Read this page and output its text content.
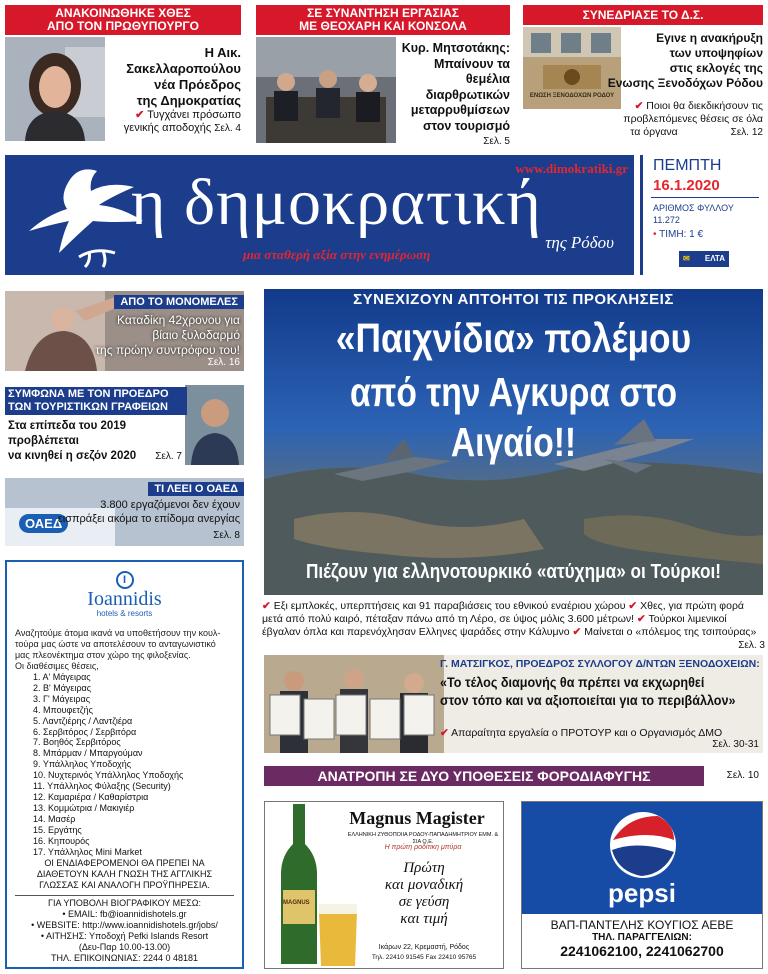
ΑΝΑΚΟΙΝΩΘΗΚΕ ΧΘΕΣ
ΑΠΟ ΤΟΝ ΠΡΩΘΥΠΟΥΡΓΟ
Η Αικ. Σακελλαροπούλου
νέα Πρόεδρος
της Δημοκρατίας
✔ Τυγχάνει πρόσωπο
γενικής αποδοχής Σελ. 4
ΣΕ ΣΥΝΑΝΤΗΣΗ ΕΡΓΑΣΙΑΣ
ΜΕ ΘΕΟΧΑΡΗ ΚΑΙ ΚΟΝΣΟΛΑ
Κυρ. Μητσοτάκης:
Μπαίνουν τα θεμέλια
διαρθρωτικών
μεταρρυθμίσεων
στον τουρισμό
Σελ. 5
ΣΥΝΕΔΡΙΑΣΕ ΤΟ Δ.Σ.
ΕΝΩΣΗ ΞΕΝΟΔΟΧΩΝ ΡΟΔΟΥ
Εγινε η ανακήρυξη
των υποψηφίων
στις εκλογές της
Ενωσης Ξενοδόχων Ρόδου
✔ Ποιοι θα διεκδικήσουν τις
προβλεπόμενες θέσεις σε όλα
τα όργανα	Σελ. 12
www.dimokratiki.gr
η δημοκρατική
της Ρόδου
μια σταθερή αξία στην ενημέρωση
ΠΕΜΠΤΗ
16.1.2020
ΑΡΙΘΜΟΣ ΦΥΛΛΟΥ
11.272
• ΤΙΜΗ: 1 €
✉ ΕΛΤΑ
ΑΠΟ ΤΟ ΜΟΝΟΜΕΛΕΣ
Καταδίκη 42χρονου για
βίαιο ξυλοδαρμό
της πρώην συντρόφου του!
Σελ. 16
ΣΥΜΦΩΝΑ ΜΕ ΤΟΝ ΠΡΟΕΔΡΟ
ΤΩΝ ΤΟΥΡΙΣΤΙΚΩΝ ΓΡΑΦΕΙΩΝ
Στα επίπεδα του 2019 προβλέπεται
να κινηθεί η σεζόν 2020	Σελ. 7
ΟΑΕΔ
ΤΙ ΛΕΕΙ Ο ΟΑΕΔ
3.800 εργαζόμενοι δεν έχουν
εισπράξει ακόμα το επίδομα ανεργίας
Σελ. 8
ΣΥΝΕΧΙΖΟΥΝ ΑΠΤΟΗΤΟΙ ΤΙΣ ΠΡΟΚΛΗΣΕΙΣ
«Παιχνίδια» πολέμου
από την Αγκυρα στο Αιγαίο!!
Πιέζουν για ελληνοτουρκικό «ατύχημα» οι Τούρκοι!
✔ Εξι εμπλοκές, υπερπτήσεις και 91 παραβιάσεις του εθνικού εναέριου χώρου ✔ Χθες, για πρώτη φορά μετά από πολύ καιρό, πέταξαν πάνω από τη Λέρο, σε ύψος μόλις 3.600 μέτρων! ✔ Τούρκοι λιμενικοί έβγαλαν όπλα και παρενόχλησαν Ελληνες ψαράδες στην Κάλυμνο ✔ Μαίνεται ο «πόλεμος της τσιπούρας»
Σελ. 3
Γ. ΜΑΤΣΙΓΚΟΣ, ΠΡΟΕΔΡΟΣ ΣΥΛΛΟΓΟΥ Δ/ΝΤΩΝ ΞΕΝΟΔΟΧΕΙΩΝ:
«Το τέλος διαμονής θα πρέπει να εκχωρηθεί
στον τόπο και να αξιοποιείται για το περιβάλλον»
✔ Απαραίτητα εργαλεία ο ΠΡΟΤΟΥΡ και ο Οργανισμός ΔΜΟ
Σελ. 30-31
ΑΝΑΤΡΟΠΗ ΣΕ ΔΥΟ ΥΠΟΘΕΣΕΙΣ ΦΟΡΟΔΙΑΦΥΓΗΣ	Σελ. 10
I
Ioannidis
hotels & resorts
Αναζητούμε άτομα ικανά να υποθετήσουν την κουλ-
τούρα μας ώστε να αποτελέσουν το ανταγωνιστικό
μας πλεονέκτημα στον χώρο της φιλοξενίας.
Οι διαθέσιμες θέσεις,
1. Α' Μάγειρας
2. Β' Μάγειρας
3. Γ' Μάγειρας
4. Μπουφετζής
5. Λαντζιέρης / Λαντζιέρα
6. Σερβιτόρος / Σερβιτόρα
7. Βοηθός Σερβιτόρος
8. Μπάρμαν / Μπαργούμαν
9. Υπάλληλος Υποδοχής
10. Νυχτερινός Υπάλληλος Υποδοχής
11. Υπάλληλος Φύλαξης (Security)
12. Καμαριέρα / Καθαρίστρια
13. Κομμώτρια / Μακιγιέρ
14. Μασέρ
15. Εργάτης
16. Κηπουρός
17. Υπάλληλος Mini Market
ΟΙ ΕΝΔΙΑΦΕΡΟΜΕΝΟΙ ΘΑ ΠΡΕΠΕΙ ΝΑ
ΔΙΑΘΕΤΟΥΝ ΚΑΛΗ ΓΝΩΣΗ ΤΗΣ ΑΓΓΛΙΚΗΣ
ΓΛΩΣΣΑΣ ΚΑΙ ΑΝΑΛΟΓΗ ΠΡΟΫΠΗΡΕΣΙΑ.
ΓΙΑ ΥΠΟΒΟΛΗ ΒΙΟΓΡΑΦΙΚΟΥ ΜΕΣΩ:
• EMAIL: fb@ioannidishotels.gr
• WEBSITE: http://www.ioannidishotels.gr/jobs/
• ΑΙΤΗΣΗΣ: Υποδοχή Pefki Islands Resort
(Δευ-Παρ 10.00-13.00)
ΤΗΛ. ΕΠΙΚΟΙΝΩΝΙΑΣ: 2244 0 48181
MAGNUS
Magnus Magister
ΕΛΛΗΝΙΚΗ ΖΥΘΟΠΟΙΙΑ ΡΟΔΟΥ-ΠΑΠΑΔΗΜΗΤΡΙΟΥ ΕΜΜ. & ΣΙΑ Ο.Ε.
Η πρώτη ροδίτικη μπύρα
Πρώτη
και μοναδική
σε γεύση
και τιμή
Ικάρων 22, Κρεμαστή, Ρόδος
Τηλ. 22410 91545 Fax 22410 95765
pepsi
ΒΑΠ-ΠΑΝΤΕΛΗΣ ΚΟΥΓΙΟΣ ΑΕΒΕ
ΤΗΛ. ΠΑΡΑΓΓΕΛΙΩΝ:
2241062100, 2241062700
